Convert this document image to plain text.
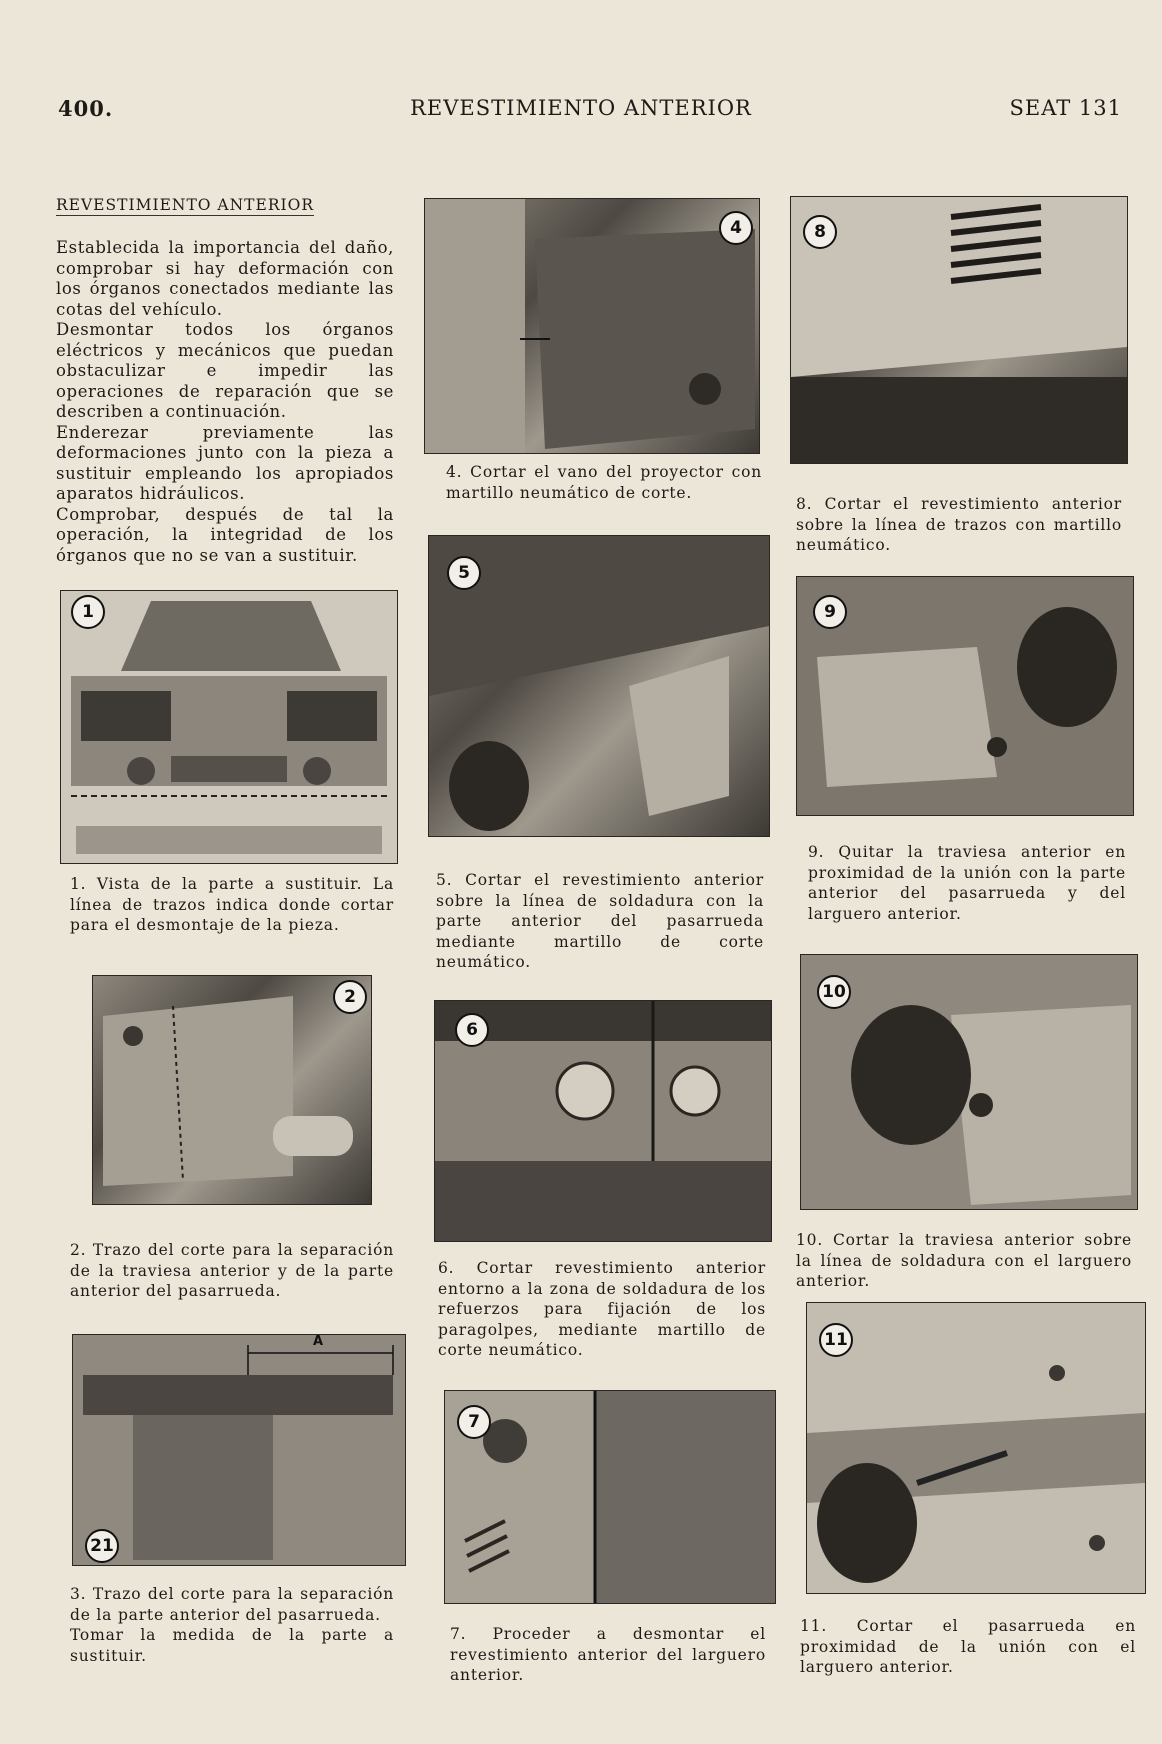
400.	REVESTIMIENTO ANTERIOR	SEAT 131
REVESTIMIENTO ANTERIOR

Establecida la importancia del daño, comprobar si hay deformación con los órganos conectados mediante las cotas del vehículo.

Desmontar todos los órganos eléctricos y mecánicos que puedan obstaculizar e impedir las operaciones de reparación que se describen a continuación.

Enderezar previamente las deformaciones junto con la pieza a sustituir empleando los apropiados aparatos hidráulicos.

Comprobar, después de tal la operación, la integridad de los órganos que no se van a sustituir.

1

1. Vista de la parte a sustituir. La línea de trazos indica donde cortar para el desmontaje de la pieza.

2

2. Trazo del corte para la separación de la traviesa anterior y de la parte anterior del pasarrueda.

A
21

3. Trazo del corte para la separación de la parte anterior del pasarrueda.

Tomar la medida de la parte a sustituir.

4

4. Cortar el vano del proyector con martillo neumático de corte.

5

5. Cortar el revestimiento anterior sobre la línea de soldadura con la parte anterior del pasarrueda mediante martillo de corte neumático.

6

6. Cortar revestimiento anterior entorno a la zona de soldadura de los refuerzos para fijación de los paragolpes, mediante martillo de corte neumático.

7

7. Proceder a desmontar el revestimiento anterior del larguero anterior.

8

8. Cortar el revestimiento anterior sobre la línea de trazos con martillo neumático.

9

9. Quitar la traviesa anterior en proximidad de la unión con la parte anterior del pasarrueda y del larguero anterior.

10

10. Cortar la traviesa anterior sobre la línea de soldadura con el larguero anterior.

11

11. Cortar el pasarrueda en proximidad de la unión con el larguero anterior.
